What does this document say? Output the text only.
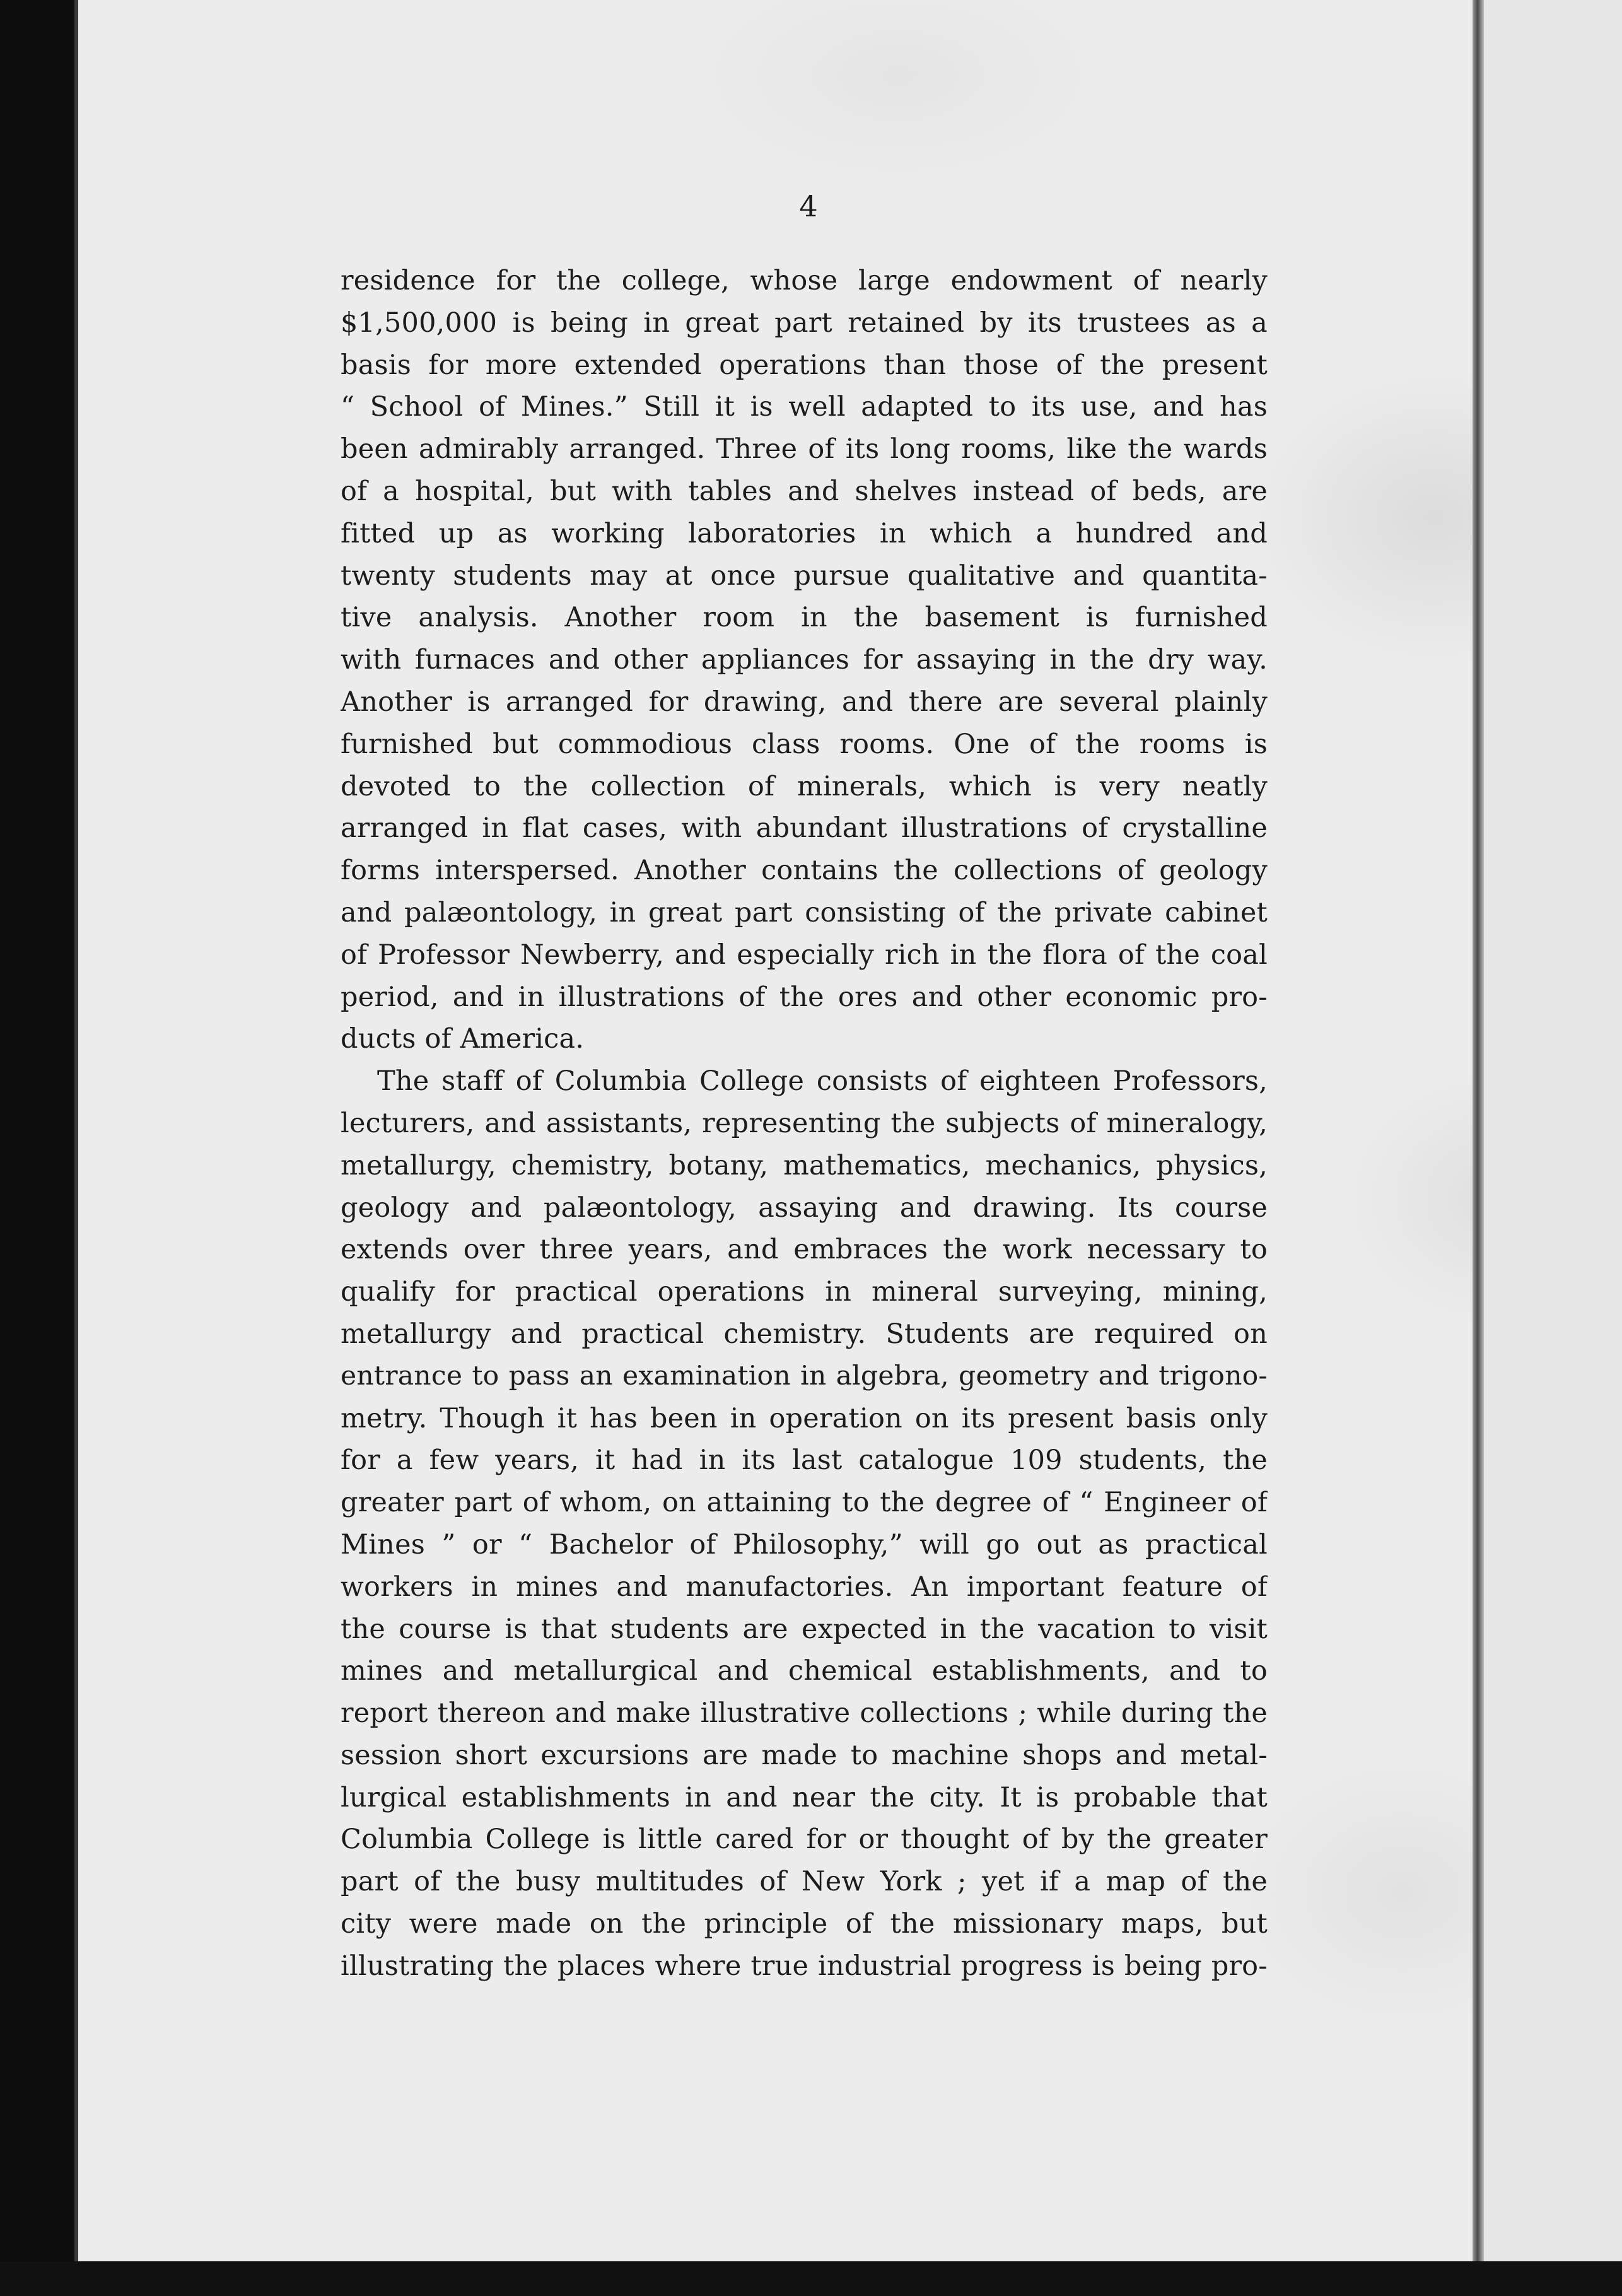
4
residence for the college, whose large endowment of nearly
$1,500,000 is being in great part retained by its trustees as a
basis for more extended operations than those of the present
“ School of Mines.” Still it is well adapted to its use, and has
been admirably arranged. Three of its long rooms, like the wards
of a hospital, but with tables and shelves instead of beds, are
fitted up as working laboratories in which a hundred and
twenty students may at once pursue qualitative and quantita-
tive analysis. Another room in the basement is furnished
with furnaces and other appliances for assaying in the dry way.
Another is arranged for drawing, and there are several plainly
furnished but commodious class rooms. One of the rooms is
devoted to the collection of minerals, which is very neatly
arranged in flat cases, with abundant illustrations of crystalline
forms interspersed. Another contains the collections of geology
and palæontology, in great part consisting of the private cabinet
of Professor Newberry, and especially rich in the flora of the coal
period, and in illustrations of the ores and other economic pro-
ducts of America.
The staff of Columbia College consists of eighteen Professors,
lecturers, and assistants, representing the subjects of mineralogy,
metallurgy, chemistry, botany, mathematics, mechanics, physics,
geology and palæontology, assaying and drawing. Its course
extends over three years, and embraces the work necessary to
qualify for practical operations in mineral surveying, mining,
metallurgy and practical chemistry. Students are required on
entrance to pass an examination in algebra, geometry and trigono-
metry. Though it has been in operation on its present basis only
for a few years, it had in its last catalogue 109 students, the
greater part of whom, on attaining to the degree of “ Engineer of
Mines ” or “ Bachelor of Philosophy,” will go out as practical
workers in mines and manufactories. An important feature of
the course is that students are expected in the vacation to visit
mines and metallurgical and chemical establishments, and to
report thereon and make illustrative collections ; while during the
session short excursions are made to machine shops and metal-
lurgical establishments in and near the city. It is probable that
Columbia College is little cared for or thought of by the greater
part of the busy multitudes of New York ; yet if a map of the
city were made on the principle of the missionary maps, but
illustrating the places where true industrial progress is being pro-
